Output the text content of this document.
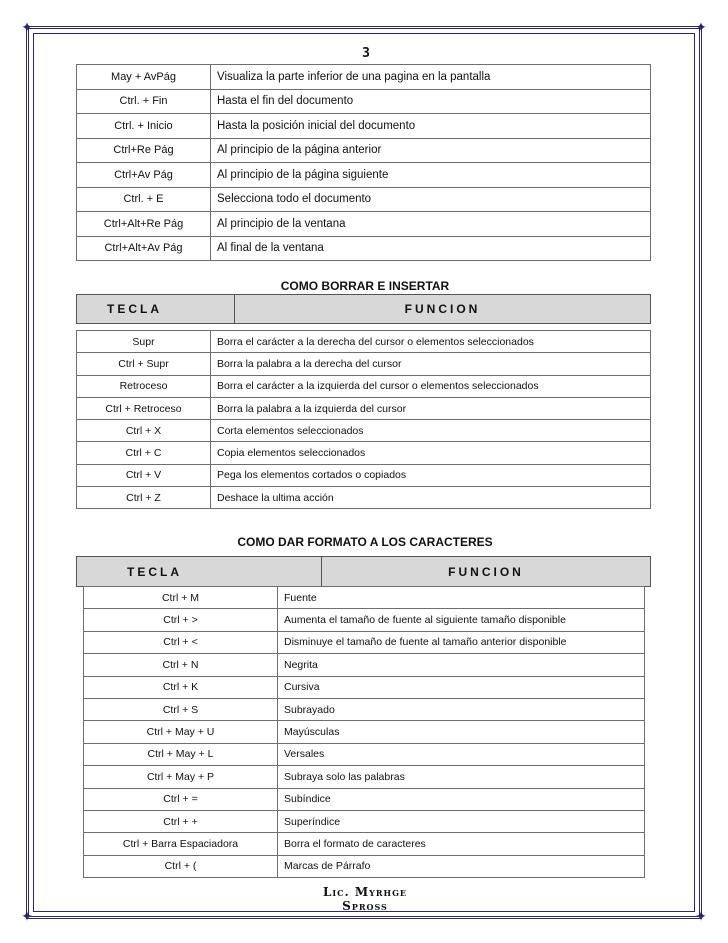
✦	✦
✦	✦
3
May + AvPág	Visualiza la parte inferior de una pagina en la pantalla
Ctrl. + Fin	Hasta el fin del documento
Ctrl. + Inicio	Hasta la posición inicial del documento
Ctrl+Re Pág	Al principio de la página anterior
Ctrl+Av Pág	Al principio de la página siguiente
Ctrl. + E	Selecciona todo el documento
Ctrl+Alt+Re Pág	Al principio de la ventana
Ctrl+Alt+Av Pág	Al final de la ventana
COMO BORRAR E INSERTAR
TECLA	FUNCION
Supr	Borra el carácter a la derecha del cursor o elementos seleccionados
Ctrl + Supr	Borra la palabra a la derecha del cursor
Retroceso	Borra el carácter a la izquierda del cursor o elementos seleccionados
Ctrl + Retroceso	Borra la palabra a la izquierda del cursor
Ctrl + X	Corta elementos seleccionados
Ctrl + C	Copia elementos seleccionados
Ctrl + V	Pega los elementos cortados o copiados
Ctrl + Z	Deshace la ultima acción
COMO DAR FORMATO A LOS CARACTERES
TECLA	FUNCION
Ctrl + M	Fuente
Ctrl + >	Aumenta el tamaño de fuente al siguiente tamaño disponible
Ctrl + <	Disminuye el tamaño de fuente al tamaño anterior disponible
Ctrl + N	Negrita
Ctrl + K	Cursiva
Ctrl + S	Subrayado
Ctrl + May + U	Mayúsculas
Ctrl + May + L	Versales
Ctrl + May + P	Subraya solo las palabras
Ctrl + =	Subíndice
Ctrl + +	Superíndice
Ctrl + Barra Espaciadora	Borra el formato de caracteres
Ctrl + (	Marcas de Párrafo
Lic. Myrhge Spross
